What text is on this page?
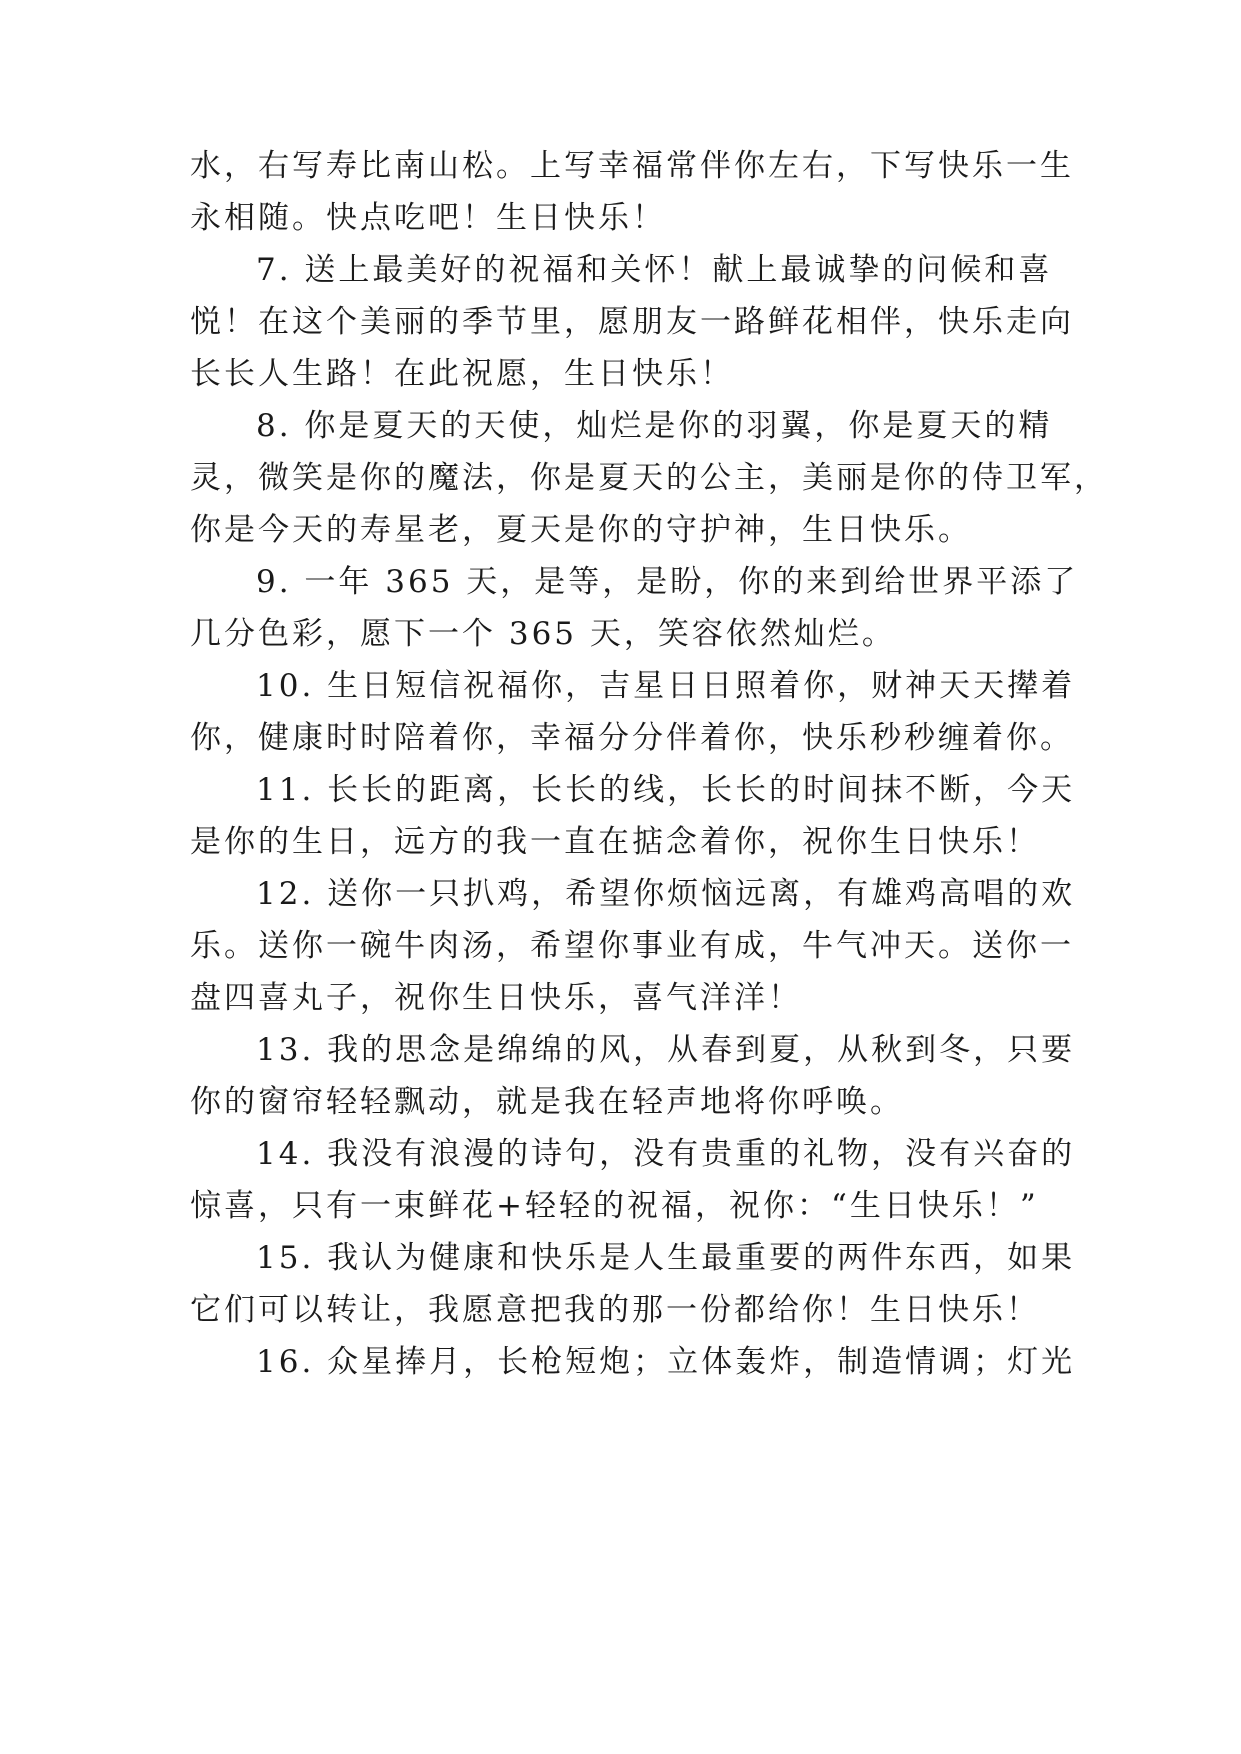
水，右写寿比南山松。上写幸福常伴你左右，下写快乐一生
永相随。快点吃吧！生日快乐！
7. 送上最美好的祝福和关怀！献上最诚挚的问候和喜
悦！在这个美丽的季节里，愿朋友一路鲜花相伴，快乐走向
长长人生路！在此祝愿，生日快乐！
8. 你是夏天的天使，灿烂是你的羽翼，你是夏天的精
灵，微笑是你的魔法，你是夏天的公主，美丽是你的侍卫军，
你是今天的寿星老，夏天是你的守护神，生日快乐。
9. 一年 365 天，是等，是盼，你的来到给世界平添了
几分色彩，愿下一个 365 天，笑容依然灿烂。
10. 生日短信祝福你，吉星日日照着你，财神天天撵着
你，健康时时陪着你，幸福分分伴着你，快乐秒秒缠着你。
11. 长长的距离，长长的线，长长的时间抹不断，今天
是你的生日，远方的我一直在掂念着你，祝你生日快乐！
12. 送你一只扒鸡，希望你烦恼远离，有雄鸡高唱的欢
乐。送你一碗牛肉汤，希望你事业有成，牛气冲天。送你一
盘四喜丸子，祝你生日快乐，喜气洋洋！
13. 我的思念是绵绵的风，从春到夏，从秋到冬，只要
你的窗帘轻轻飘动，就是我在轻声地将你呼唤。
14. 我没有浪漫的诗句，没有贵重的礼物，没有兴奋的
惊喜，只有一束鲜花+轻轻的祝福，祝你：“生日快乐！”
15. 我认为健康和快乐是人生最重要的两件东西，如果
它们可以转让，我愿意把我的那一份都给你！生日快乐！
16. 众星捧月，长枪短炮；立体轰炸，制造情调；灯光
